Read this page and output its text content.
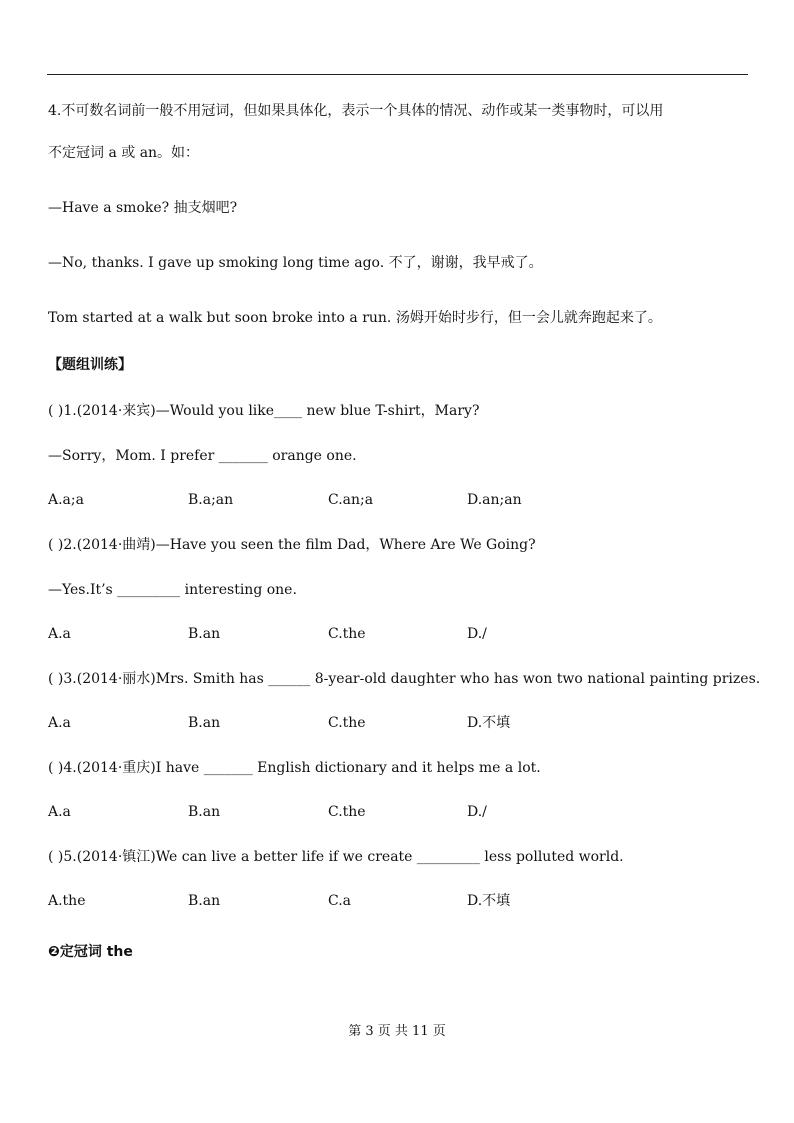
4.不可数名词前一般不用冠词，但如果具体化，表示一个具体的情况、动作或某一类事物时，可以用
不定冠词 a 或 an。如：
—Have a smoke? 抽支烟吧?
—No, thanks. I gave up smoking long time ago. 不了，谢谢，我早戒了。
Tom started at a walk but soon broke into a run. 汤姆开始时步行，但一会儿就奔跑起来了。
【题组训练】
( )1.(2014·来宾)—Would you like____ new blue T-shirt，Mary?
—Sorry，Mom. I prefer _______ orange one.
A.a;a	B.a;an	C.an;a	D.an;an
( )2.(2014·曲靖)—Have you seen the film Dad，Where Are We Going?
—Yes.It’s _________ interesting one.
A.a	B.an	C.the	D./
( )3.(2014·丽水)Mrs. Smith has ______ 8-year-old daughter who has won two national painting prizes.
A.a	B.an	C.the	D.不填
( )4.(2014·重庆)I have _______ English dictionary and it helps me a lot.
A.a	B.an	C.the	D./
( )5.(2014·镇江)We can live a better life if we create _________ less polluted world.
A.the	B.an	C.a	D.不填
❷定冠词 the
第 3 页 共 11 页
